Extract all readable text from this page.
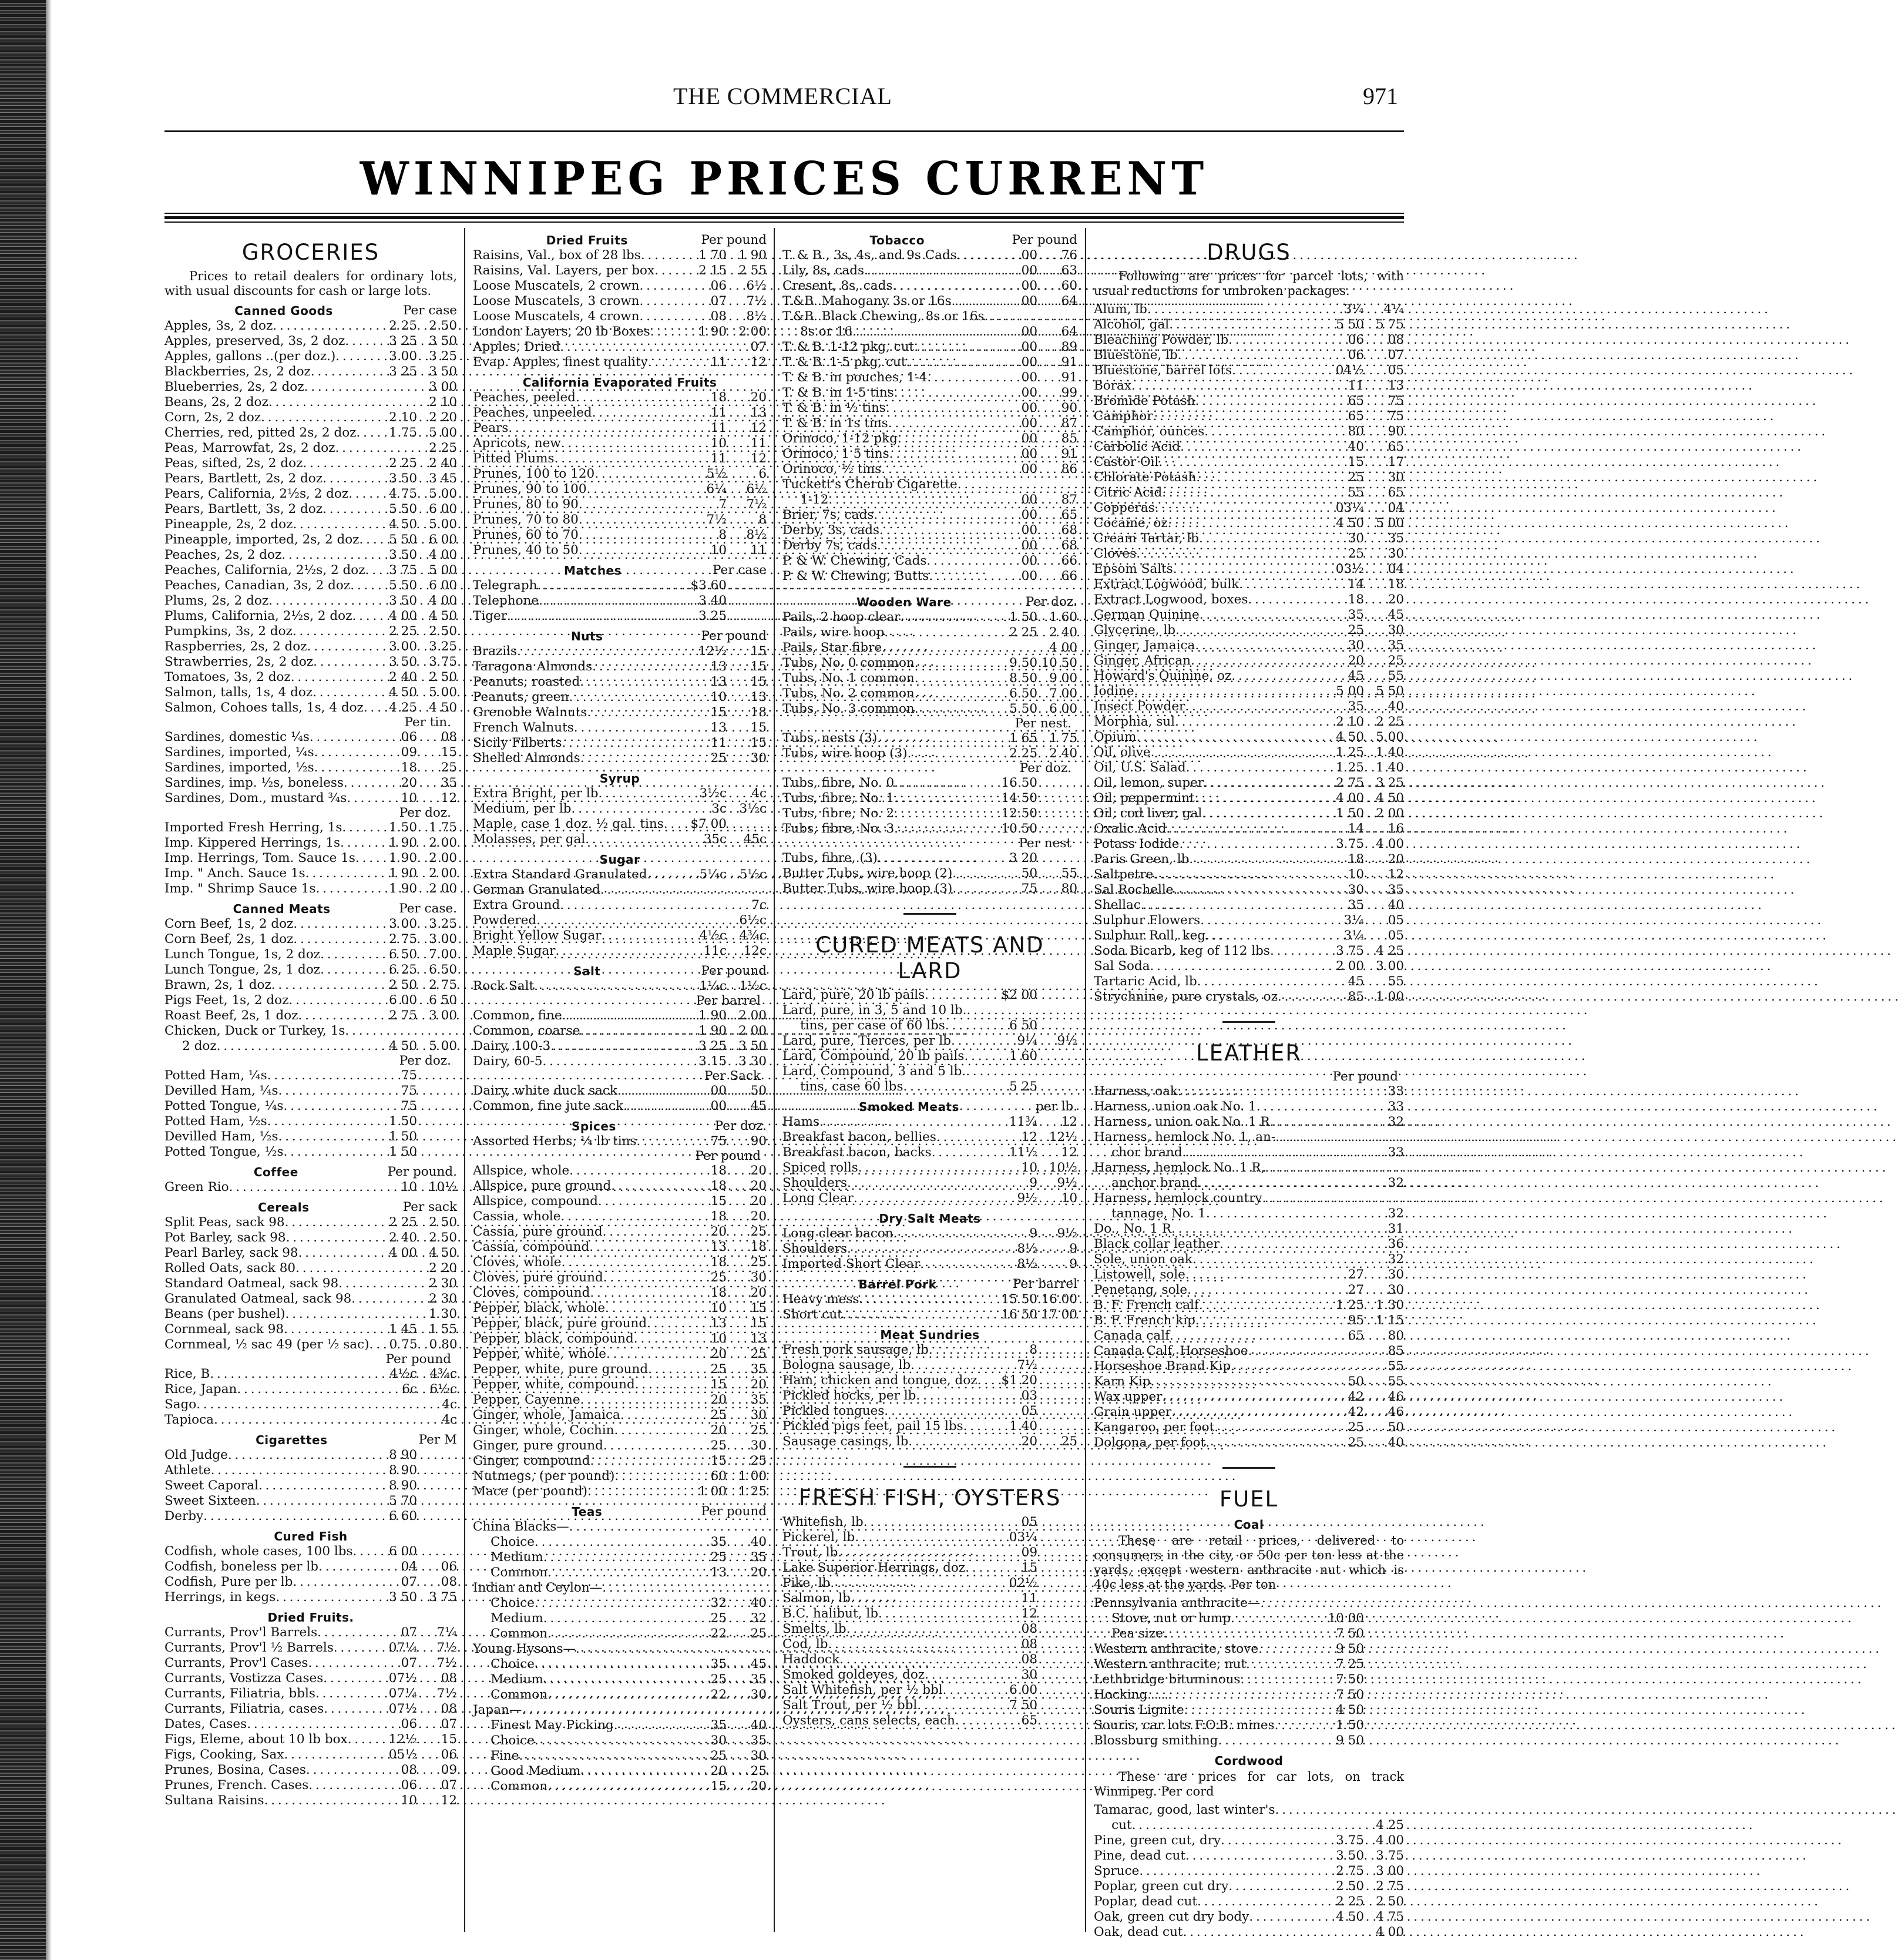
THE COMMERCIAL	971
WINNIPEG PRICES CURRENT
GROCERIES
Prices to retail dealers for ordinary lots, with usual discounts for cash or large lots.
Canned Goods	Per case
Apples, 3s, 2 doz . . .	2 25 2 50
Apples, preserved, 3s, 2 doz . . .	3 25 3 50
Apples, gallons ..(per doz.) . . .	3 00 3 25
Blackberries, 2s, 2 doz . . .	3 25 3 50
Blueberries, 2s, 2 doz . . .	3 00
Beans, 2s, 2 doz . . .	2 10
Corn, 2s, 2 doz . . .	2 10 2 20
Cherries, red, pitted 2s, 2 doz . . .	1 75 5 00
Peas, Marrowfat, 2s, 2 doz . . .	2 25
Peas, sifted, 2s, 2 doz . . .	2 25 2 40
Pears, Bartlett, 2s, 2 doz . . .	3 50 3 45
Pears, California, 2½s, 2 doz . . .	4 75 5 00
Pears, Bartlett, 3s, 2 doz . . .	5 50 6 00
Pineapple, 2s, 2 doz . . .	4 50 5 00
Pineapple, imported, 2s, 2 doz . . .	5 50 6 00
Peaches, 2s, 2 doz . . .	3 50 4 00
Peaches, California, 2½s, 2 doz . . .	3 75 5 00
Peaches, Canadian, 3s, 2 doz . . .	5 50 6 00
Plums, 2s, 2 doz . . .	3 50 4 00
Plums, California, 2½s, 2 doz . . .	4 00 4 50
Pumpkins, 3s, 2 doz . . .	2 25 2 50
Raspberries, 2s, 2 doz . . .	3 00 3 25
Strawberries, 2s, 2 doz . . .	3 50 3 75
Tomatoes, 3s, 2 doz . . .	2 40 2 50
Salmon, talls, 1s, 4 doz . . .	4 50 5 00
Salmon, Cohoes talls, 1s, 4 doz . . .	4 25 4 50
Per tin.
Sardines, domestic ¼s . . .	06	08
Sardines, imported, ¼s . . .	09	15
Sardines, imported, ½s . . .	18	25
Sardines, imp. ½s, boneless . . .	20	35
Sardines, Dom., mustard ¾s . . .	10	12
Per doz.
Imported Fresh Herring, 1s . . .	1 50 1 75
Imp. Kippered Herrings, 1s . . .	1 90 2 00
Imp. Herrings, Tom. Sauce 1s . . .	1 90 2 00
Imp. " Anch. Sauce 1s . . .	1 90 2 00
Imp. " Shrimp Sauce 1s . . .	1 90 2 00
Canned Meats	Per case.
Corn Beef, 1s, 2 doz . . .	3 00 3 25
Corn Beef, 2s, 1 doz . . .	2 75 3 00
Lunch Tongue, 1s, 2 doz . . .	6 50 7 00
Lunch Tongue, 2s, 1 doz . . .	6 25 6 50
Brawn, 2s, 1 doz . . .	2 50 2 75
Pigs Feet, 1s, 2 doz . . .	6 00 6 50
Roast Beef, 2s, 1 doz . . .	2 75 3 00
Chicken, Duck or Turkey, 1s
. . .
2 doz . . .	4 50 5 00
Per doz.
Potted Ham, ¼s . . .	75
Devilled Ham, ¼s . . .	75
Potted Tongue, ¼s . . .	75
Potted Ham, ½s . . .	1 50
Devilled Ham, ½s . . .	1 50
Potted Tongue, ½s . . .	1 50
Coffee	Per pound.
Green Rio . . .	10 10½
Cereals	Per sack
Split Peas, sack 98 . . .	2 25 2 50
Pot Barley, sack 98 . . .	2 40 2 50
Pearl Barley, sack 98 . . .	4 00 4 50
Rolled Oats, sack 80 . . .	2 20
Standard Oatmeal, sack 98 . . .	2 30
Granulated Oatmeal, sack 98 . . .	2 30
Beans (per bushel) . . .	1 30
Cornmeal, sack 98 . . .	1 45 1 55
Cornmeal, ½ sac 49 (per ½ sac) . . .	0 75 0 80
Per pound
Rice, B . . .	4½c 4¾c
Rice, Japan . . .	6c 6½c
Sago . . .	4c
Tapioca . . .	4c
Cigarettes	Per M
Old Judge . . .	8 90
Athlete . . .	8 90
Sweet Caporal . . .	8 90
Sweet Sixteen . . .	5 70
Derby . . .	6 60
Cured Fish
Codfish, whole cases, 100 lbs . . .	6 00
Codfish, boneless per lb . . .	04	06
Codfish, Pure per lb . . .	07	08
Herrings, in kegs . . .	3 50 3 75
Dried Fruits.
Currants, Prov'l Barrels . . .	07	7¼
Currants, Prov'l ½ Barrels . . .	07¼	7½
Currants, Prov'l Cases . . .	07	7½
Currants, Vostizza Cases . . .	07½	08
Currants, Filiatria, bbls . . .	07¼	7½
Currants, Filiatria, cases . . .	07½	08
Dates, Cases . . .	06	07
Figs, Eleme, about 10 lb box . . .	12½	15
Figs, Cooking, Sax . . .	05½	06
Prunes, Bosina, Cases . . .	08	09
Prunes, French. Cases . . .	06	07
Sultana Raisins . . .	10	12
Dried Fruits	Per pound
Raisins, Val., box of 28 lbs . . .	1 70 1 90
Raisins, Val. Layers, per box . . .	2 15 2 55
Loose Muscatels, 2 crown . . .	06	6½
Loose Muscatels, 3 crown . . .	07	7½
Loose Muscatels, 4 crown . . .	08	8½
London Layers, 20 lb Boxes . . .	1 90 2 00
Apples, Dried . . .	07
Evap. Apples, finest quality . . .	11	12
California Evaporated Fruits
Peaches, peeled . . .	18	20
Peaches, unpeeled . . .	11	13
Pears . . .	11	12
Apricots, new . . .	10	11
Pitted Plums . . .	11	12
Prunes, 100 to 120 . . .	5½	6
Prunes, 90 to 100 . . .	6¼	6½
Prunes, 80 to 90 . . .	7	7½
Prunes, 70 to 80 . . .	7½	8
Prunes, 60 to 70 . . .	8	8½
Prunes, 40 to 50 . . .	10	11
Matches	Per case
Telegraph . . .	$3 60
Telephone . . .	3 40
Tiger . . .	3 25
Nuts	Per pound
Brazils . . .	12½	15
Taragona Almonds . . .	13	15
Peanuts, roasted . . .	13	15
Peanuts, green . . .	10	13
Grenoble Walnuts . . .	15	18
French Walnuts . . .	13	15
Sicily Filberts . . .	11	15
Shelled Almonds . . .	25	30
Syrup
Extra Bright, per lb . . .	3½c	4c
Medium, per lb . . .	3c 3½c
Maple, case 1 doz. ½ gal. tins . . .	$7 00
Molasses, per gal . . .	35c	45c
Sugar
Extra Standard Granulated . . .	5¼c 5½c
German Granulated
. . .
Extra Ground . . .	7c
Powdered . . .	6½c
Bright Yellow Sugar . . .	4½c 4¾c
Maple Sugar . . .	11c	12c
Salt	Per pound
Rock Salt . . .	1¼c 1½c
Per barrel
Common, fine . . .	1 90 2 00
Common, coarse . . .	1 90 2 00
Dairy, 100-3 . . .	3 25 3 50
Dairy, 60-5 . . .	3 15 3 30
Per Sack
Dairy, white duck sack . . .	00	50
Common, fine jute sack . . .	00	45
Spices	Per doz.
Assorted Herbs, ¼ lb tins . . .	75	90
Per pound
Allspice, whole . . .	18	20
Allspice, pure ground . . .	18	20
Allspice, compound . . .	15	20
Cassia, whole . . .	18	20
Cassia, pure ground . . .	20	25
Cassia, compound . . .	13	18
Cloves, whole . . .	18	25
Cloves, pure ground . . .	25	30
Cloves, compound . . .	18	20
Pepper, black, whole . . .	10	15
Pepper, black, pure ground . . .	13	15
Pepper, black, compound . . .	10	13
Pepper, white, whole . . .	20	25
Pepper, white, pure ground . . .	25	35
Pepper, white, compound . . .	15	20
Pepper, Cayenne . . .	20	35
Ginger, whole, Jamaica . . .	25	30
Ginger, whole, Cochin . . .	20	25
Ginger, pure ground . . .	25	30
Ginger, compound . . .	15	25
Nutmegs, (per pound) . . .	60 1 00
Mace (per pound) . . .	1 00 1 25
Teas	Per pound
China Blacks—
. . .
Choice . . .	35	40
Medium . . .	25	35
Common . . .	13	20
Indian and Ceylon—
. . .
Choice . . .	32	40
Medium . . .	25	32
Common . . .	22	25
Young Hysons—
. . .
Choice . . .	35	45
Medium . . .	25	35
Common . . .	22	30
Japan—
. . .
Finest May Picking . . .	35	40
Choice . . .	30	35
Fine . . .	25	30
Good Medium . . .	20	25
Common . . .	15	20
Tobacco	Per pound
T. & B., 3s, 4s, and 9s Cads . . .	00	76
Lily, 8s, cads . . .	00	63
Cresent, 8s, cads . . .	00	60
T.&B. Mahogany 3s or 16s . . .	00	64
T.&B. Black Chewing, 8s or 16s
. . .
8s or 16 . . .	00	64
T. & B. 1-12 pkg, cut . . .	00	89
T. & B. 1-5 pkg, cut . . .	00	91
T. & B. in pouches, 1-4 . . .	00	91
T. & B. in 1-5 tins . . .	00	99
T. & B. in ½ tins . . .	00	90
T. & B. in 1s tins . . .	00	87
Orinoco, 1-12 pkg . . .	00	85
Orinoco, 1 5 tins . . .	00	91
Orinoco, ½ tins . . .	00	86
Tuckett's Cherub Cigarette
. . .
1-12 . . .	00	87
Brier, 7s, cads . . .	00	65
Derby, 3s, cads . . .	00	68
Derby 7s, cads . . .	00	68
P. & W. Chewing, Cads . . .	00	66
P. & W. Chewing, Butts . . .	00	66
Wooden Ware	Per doz.
Pails, 2 hoop clear . . .	1 50 1 60
Pails, wire hoop . . .	2 25 2 40
Pails, Star fibre . . .	4 00
Tubs, No. 0 common . . .	9 50 10 50
Tubs, No. 1 common . . .	8 50 9 00
Tubs, No. 2 common . . .	6 50 7 00
Tubs, No. 3 common . . .	5 50 6 00
Per nest.
Tubs, nests (3) . . .	1 65 1 75
Tubs, wire hoop (3) . . .	2 25 2 40
Per doz.
Tubs, fibre, No. 0 . . .	16 50
Tubs, fibre, No. 1 . . .	14 50
Tubs, fibre, No. 2 . . .	12 50
Tubs, fibre, No. 3 . . .	10 50
Per nest
Tubs, fibre, (3) . . .	3 20
Butter Tubs, wire hoop (2) . . .	50	55
Butter Tubs, wire hoop (3) . . .	75	80
CURED MEATS AND LARD
Lard, pure, 20 lb pails . . .	$2 00
Lard, pure, in 3, 5 and 10 lb.
. . .
tins, per case of 60 lbs . . .	6 50
Lard, pure, Tierces, per lb . . .	9¼	9½
Lard, Compound, 20 lb pails . . .	1 60
Lard, Compound, 3 and 5 lb.
. . .
tins, case 60 lbs . . .	5 25
Smoked Meats	per lb.
Hams . . .	11¾	12
Breakfast bacon, bellies . . .	12 12½
Breakfast bacon, backs . . .	11½	12
Spiced rolls . . .	10 10½
Shoulders . . .	9	9½
Long Clear . . .	9½	10
Dry Salt Meats
Long clear bacon . . .	9	9½
Shoulders . . .	8½	9
Imported Short Clear . . .	8½	9
Barrel Pork	Per barrel
Heavy mess . . .	15 50 16 00
Short cut . . .	16 50 17 00
Meat Sundries
Fresh pork sausage, lb . . .	8
Bologna sausage, lb . . .	7½
Ham, chicken and tongue, doz . . .	$1 20
Pickled hocks, per lb . . .	03
Pickled tongues . . .	05
Pickled pigs feet, pail 15 lbs . . .	1 40
Sausage casings, lb . . .	20	25
FRESH FISH, OYSTERS
Whitefish, lb . . .	05
Pickerel, lb . . .	03¼
Trout, lb . . .	09
Lake Superior Herrings, doz . . .	15
Pike, lb . . .	02½
Salmon, lb . . .	11
B.C. halibut, lb . . .	12
Smelts, lb . . .	08
Cod, lb . . .	08
Haddock . . .	08
Smoked goldeyes, doz . . .	30
Salt Whitefish, per ½ bbl . . .	6 00
Salt Trout, per ½ bbl . . .	7 50
Oysters, cans selects, each . . .	65
DRUGS
Following are prices for parcel lots, with usual reductions for unbroken packages.
Alum, lb . . .	3¼	4¼
Alcohol, gal . . .	5 50 5 75
Bleaching Powder, lb . . .	06	08
Bluestone, lb . . .	06	07
Bluestone, barrel lots . . .	04½	05
Borax . . .	11	13
Bromide Potash . . .	65	75
Camphor . . .	65	75
Camphor, ounces . . .	80	90
Carbolic Acid . . .	40	65
Castor Oil . . .	15	17
Chlorate Potash . . .	25	30
Citric Acid . . .	55	65
Copperas . . .	03¼	04
Cocaine, oz . . .	4 50 5 00
Cream Tartar, lb . . .	30	35
Cloves . . .	25	30
Epsom Salts . . .	03½	04
Extract Logwood, bulk . . .	14	18
Extract Logwood, boxes . . .	18	20
German Quinine . . .	35	45
Glycerine, lb . . .	25	30
Ginger, Jamaica . . .	30	35
Ginger, African . . .	20	25
Howard's Quinine, oz . . .	45	55
Iodine . . .	5 00 5 50
Insect Powder . . .	35	40
Morphia, sul . . .	2 10 2 25
Opium . . .	4 50 5 00
Oil, olive . . .	1 25 1 40
Oil, U.S. Salad . . .	1 25 1 40
Oil, lemon, super . . .	2 75 3 25
Oil, peppermint . . .	4 00 4 50
Oil, cod liver, gal . . .	1 50 2 00
Oxalic Acid . . .	14	16
Potass Iodide . . .	3 75 4 00
Paris Green, lb . . .	18	20
Saltpetre . . .	10	12
Sal Rochelle . . .	30	35
Shellac . . .	35	40
Sulphur Flowers . . .	3¼	05
Sulphur Roll, keg . . .	3¼	05
Soda Bicarb, keg of 112 lbs . . .	3 75 4 25
Sal Soda . . .	2 00 3 00
Tartaric Acid, lb . . .	45	55
Strychnine, pure crystals, oz . . .	85 1 00
LEATHER
Per pound
Harness, oak . . .	33
Harness, union oak No. 1 . . .	33
Harness, union oak No. 1 R . . .	32
Harness, hemlock No. 1, an-
. . .
chor brand . . .	33
Harness, hemlock No. 1 R,
. . .
anchor brand . . .	32
Harness, hemlock country
. . .
tannage, No. 1 . . .	32
Do., No. 1 R . . .	31
Black collar leather . . .	36
Sole, union oak . . .	32
Listowell, sole . . .	27	30
Penetang, sole . . .	27	30
B. F. French calf . . .	1 25 1 30
B. F. French kip . . .	95 1 15
Canada calf . . .	65	80
Canada Calf, Horseshoe . . .	85
Horseshoe Brand Kip . . .	55
Karn Kip . . .	50	55
Wax upper . . .	42	46
Grain upper . . .	42	46
Kangaroo, per foot . . .	25	50
Dolgona, per foot . . .	25	40
FUEL
Coal
These are retail prices, delivered to consumers in the city, or 50c per ton less at the yards, except western anthracite nut which is 40c less at the yards. Per ton
Pennsylvania anthracite—
. . .
Stove, nut or lump . . .	10 00
Pea size . . .	7 50
Western anthracite, stove . . .	9 50
Western anthracite, nut . . .	7 25
Lethbridge bituminous . . .	7 50
Hocking . . .	7 50
Souris Lignite . . .	4 50
Souris, car lots F.O.B. mines . . .	1 50
Blossburg smithing . . .	9 50
Cordwood
These are prices for car lots, on track Winnipeg. Per cord
Tamarac, good, last winter's
. . .
cut . . .	4 25
Pine, green cut, dry . . .	3 75 4 00
Pine, dead cut . . .	3 50 3 75
Spruce . . .	2 75 3 00
Poplar, green cut dry . . .	2 50 2 75
Poplar, dead cut . . .	2 25 2 50
Oak, green cut dry body . . .	4 50 4 75
Oak, dead cut . . .	4 00
